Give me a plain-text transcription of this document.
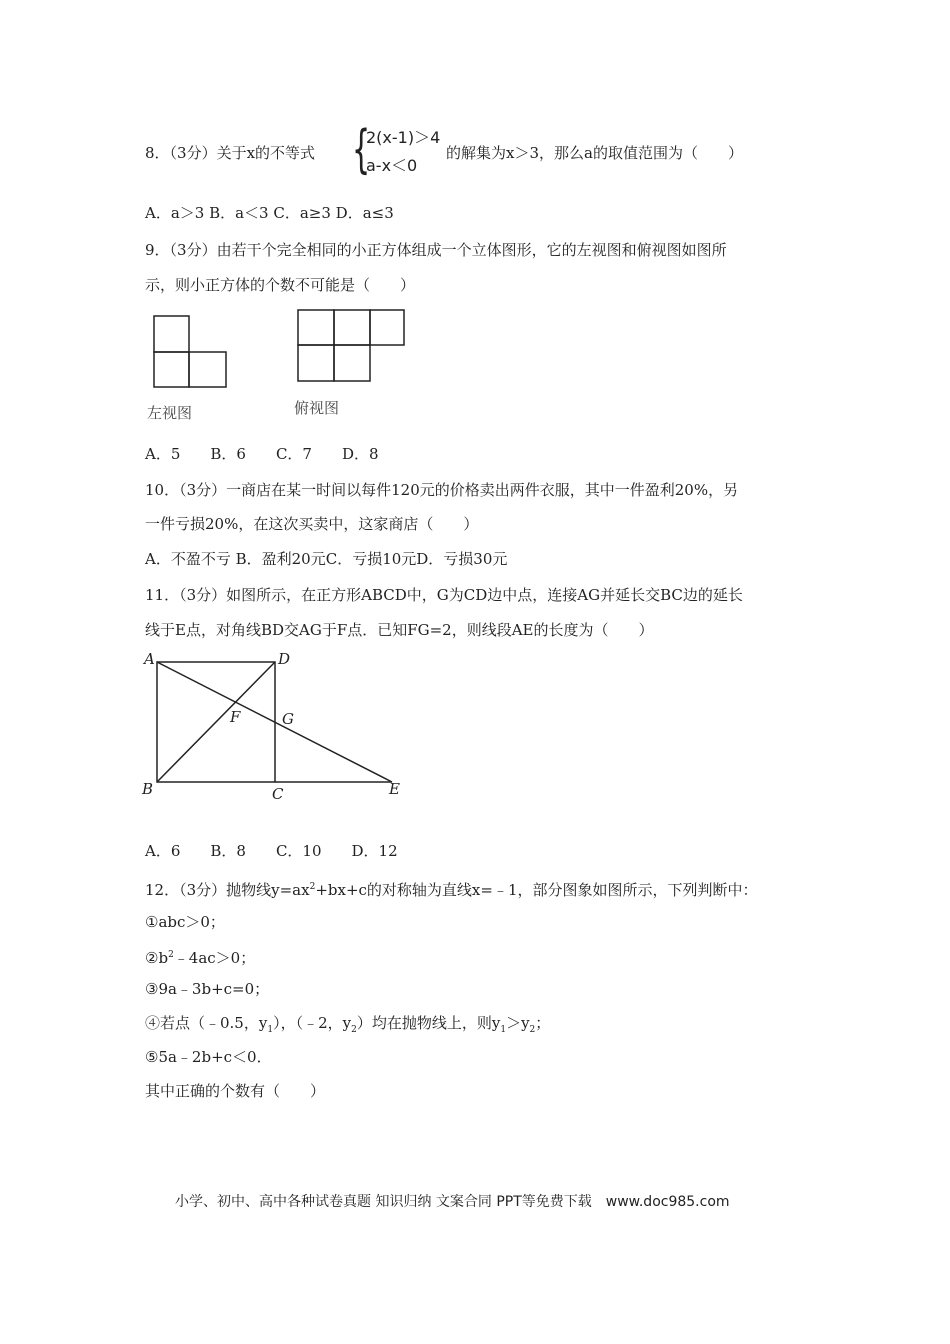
8．（3分）关于x的不等式 {
2(x-1)＞4
a-x＜0
的解集为x＞3，那么a的取值范围为（　　）
A．a＞3 B．a＜3 C．a≥3 D．a≤3
9．（3分）由若干个完全相同的小正方体组成一个立体图形，它的左视图和俯视图如图所
示，则小正方体的个数不可能是（　　）
左视图	俯视图
A．5　　B．6　　C．7　　D．8
10．（3分）一商店在某一时间以每件120元的价格卖出两件衣服，其中一件盈利20%，另
一件亏损20%，在这次买卖中，这家商店（　　）
A．不盈不亏 B．盈利20元C．亏损10元D．亏损30元
11．（3分）如图所示，在正方形ABCD中，G为CD边中点，连接AG并延长交BC边的延长
线于E点，对角线BD交AG于F点．已知FG=2，则线段AE的长度为（　　）
A	D
F	G
B	C	E
A．6　　B．8　　C．10　　D．12
12．（3分）抛物线$y=ax^2+bx+c$的对称轴为直线x=﹣1，部分图象如图所示，下列判断中：
①abc＞0；
$②b^2﹣4ac>0$；
③9a﹣3b+c=0；
④若点（﹣0.5，$y_1$），（﹣2，$y_2$）均在抛物线上，则$y_1>y_2$；
⑤5a﹣2b+c＜0．
其中正确的个数有（　　）
小学、初中、高中各种试卷真题 知识归纳 文案合同 PPT等免费下载　www.doc985.com
